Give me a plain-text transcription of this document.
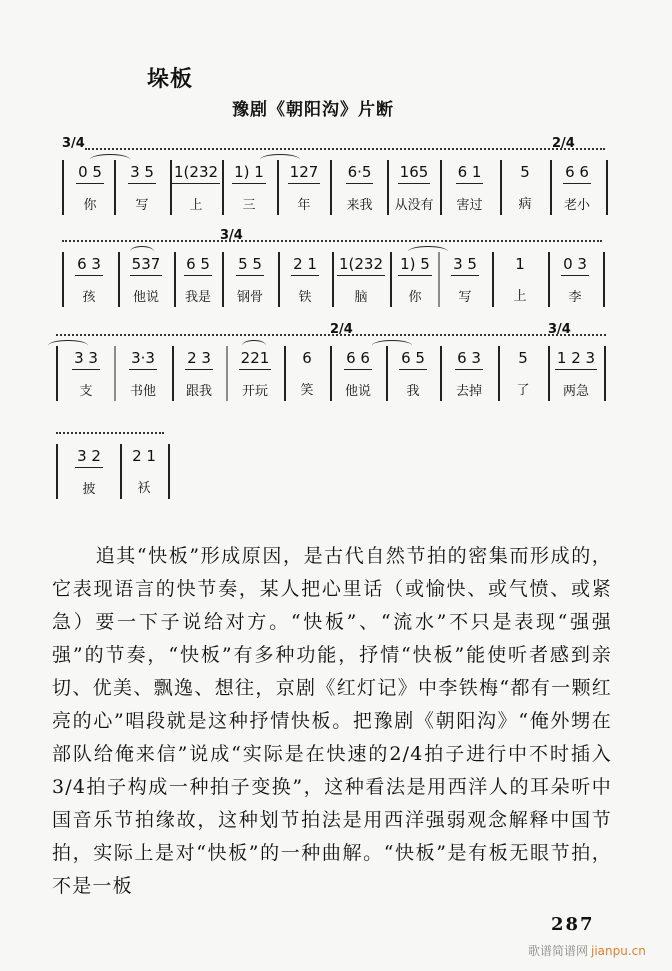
垛板
豫剧《朝阳沟》片断
3/4	2/4
0 5
你
3 5
写
1(232
上
1) 1
三
127
年
6·5
来我
165
从没有
6 1
害过
5
病
6 6
老小
3/4
6 3
孩
537
他说
6 5
我是
5 5
钢骨
2 1
铁
1(232
脑
1) 5
你
3 5
写
1
上
0 3
李
2/4	3/4
3 3
支
3·3
书他
2 3
跟我
221
开玩
6
笑
6 6
他说
6 5
我
6 3
去掉
5
了
1 2 3
两急
3 2
披
2 1
袄

追其“快板”形成原因，是古代自然节拍的密集而形成的，它表现语言的快节奏，某人把心里话（或愉快、或气愤、或紧急）要一下子说给对方。“快板”、“流水”不只是表现“强强强”的节奏，“快板”有多种功能，抒情“快板”能使听者感到亲切、优美、飘逸、想往，京剧《红灯记》中李铁梅“都有一颗红亮的心”唱段就是这种抒情快板。把豫剧《朝阳沟》“俺外甥在部队给俺来信”说成“实际是在快速的2/4拍子进行中不时插入3/4拍子构成一种拍子变换”，这种看法是用西洋人的耳朵听中国音乐节拍缘故，这种划节拍法是用西洋强弱观念解释中国节拍，实际上是对“快板”的一种曲解。“快板”是有板无眼节拍，不是一板

287
歌谱简谱网 jianpu.cn
